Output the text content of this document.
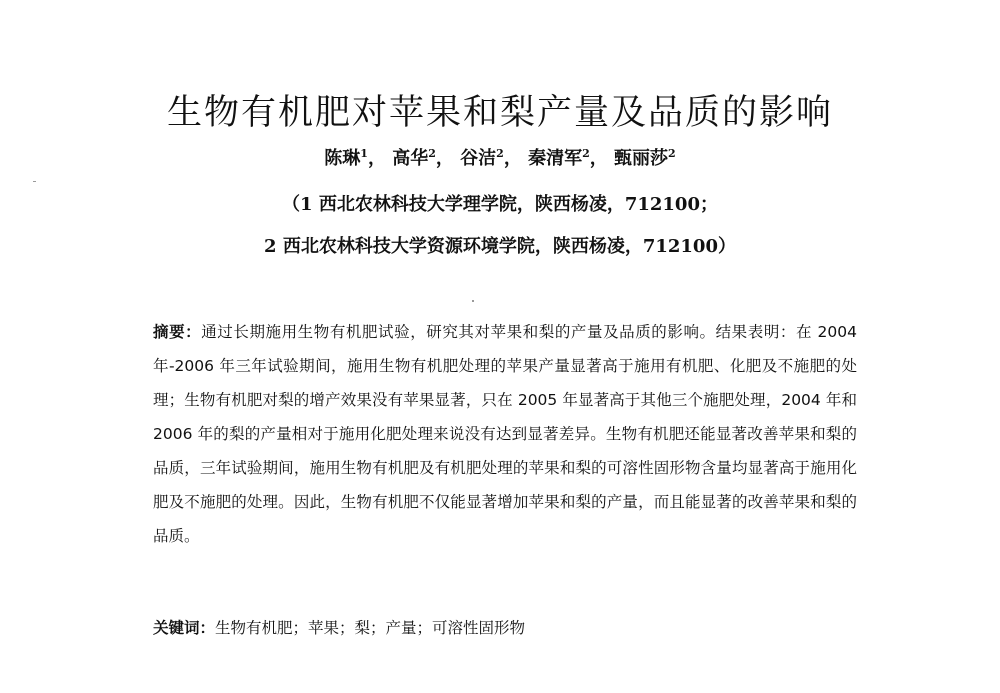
生物有机肥对苹果和梨产量及品质的影响
陈琳$^1$， 高华$^2$， 谷洁$^2$， 秦清军$^2$， 甄丽莎$^2$
（1 西北农林科技大学理学院，陕西杨凌，712100；
2 西北农林科技大学资源环境学院，陕西杨凌，712100）
摘要：通过长期施用生物有机肥试验，研究其对苹果和梨的产量及品质的影响。结果表明：在 2004 年-2006 年三年试验期间，施用生物有机肥处理的苹果产量显著高于施用有机肥、化肥及不施肥的处理；生物有机肥对梨的增产效果没有苹果显著，只在 2005 年显著高于其他三个施肥处理，2004 年和 2006 年的梨的产量相对于施用化肥处理来说没有达到显著差异。生物有机肥还能显著改善苹果和梨的品质，三年试验期间，施用生物有机肥及有机肥处理的苹果和梨的可溶性固形物含量均显著高于施用化肥及不施肥的处理。因此，生物有机肥不仅能显著增加苹果和梨的产量，而且能显著的改善苹果和梨的品质。
关键词：生物有机肥；苹果；梨；产量；可溶性固形物
